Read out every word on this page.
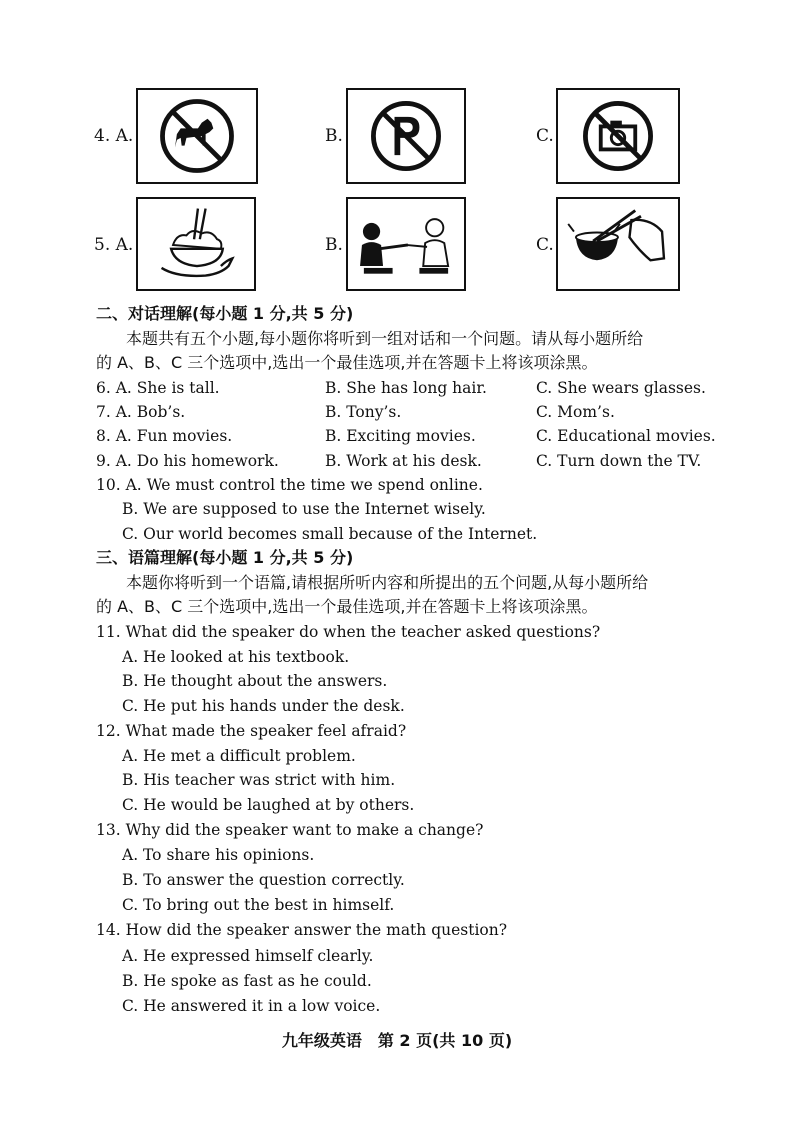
4. A.	B.	C.
5. A.	B.	C.
二、对话理解(每小题 1 分,共 5 分)
本题共有五个小题,每小题你将听到一组对话和一个问题。请从每小题所给
的 A、B、C 三个选项中,选出一个最佳选项,并在答题卡上将该项涂黑。
6. A. She is tall.	B. She has long hair.	C. She wears glasses.
7. A. Bob’s.	B. Tony’s.	C. Mom’s.
8. A. Fun movies.	B. Exciting movies.	C. Educational movies.
9. A. Do his homework.	B. Work at his desk.	C. Turn down the TV.
10. A. We must control the time we spend online.
B. We are supposed to use the Internet wisely.
C. Our world becomes small because of the Internet.
三、语篇理解(每小题 1 分,共 5 分)
本题你将听到一个语篇,请根据所听内容和所提出的五个问题,从每小题所给
的 A、B、C 三个选项中,选出一个最佳选项,并在答题卡上将该项涂黑。
11. What did the speaker do when the teacher asked questions?
A. He looked at his textbook.
B. He thought about the answers.
C. He put his hands under the desk.
12. What made the speaker feel afraid?
A. He met a difficult problem.
B. His teacher was strict with him.
C. He would be laughed at by others.
13. Why did the speaker want to make a change?
A. To share his opinions.
B. To answer the question correctly.
C. To bring out the best in himself.
14. How did the speaker answer the math question?
A. He expressed himself clearly.
B. He spoke as fast as he could.
C. He answered it in a low voice.
九年级英语　第 2 页(共 10 页)
